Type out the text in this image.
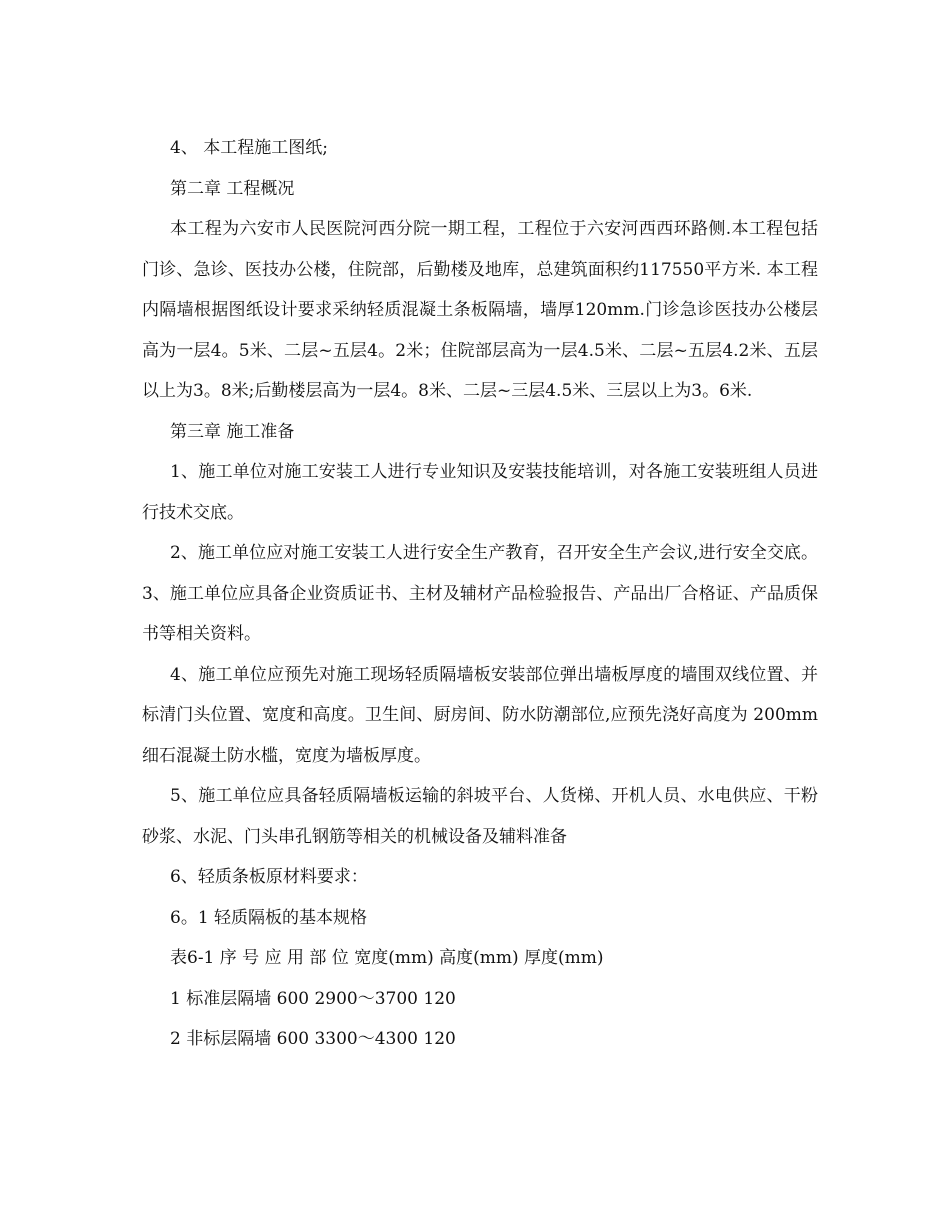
4、 本工程施工图纸;

第二章 工程概况

本工程为六安市人民医院河西分院一期工程，工程位于六安河西西环路侧.本工程包括门诊、急诊、医技办公楼，住院部，后勤楼及地库，总建筑面积约117550平方米. 本工程内隔墙根据图纸设计要求采纳轻质混凝土条板隔墙，墙厚120mm.门诊急诊医技办公楼层高为一层4。5米、二层~五层4。2米；住院部层高为一层4.5米、二层~五层4.2米、五层以上为3。8米;后勤楼层高为一层4。8米、二层~三层4.5米、三层以上为3。6米.

第三章 施工准备

1、施工单位对施工安装工人进行专业知识及安装技能培训，对各施工安装班组人员进行技术交底。

2、施工单位应对施工安装工人进行安全生产教育，召开安全生产会议,进行安全交底。 3、施工单位应具备企业资质证书、主材及辅材产品检验报告、产品出厂合格证、产品质保书等相关资料。

4、施工单位应预先对施工现场轻质隔墙板安装部位弹出墙板厚度的墙围双线位置、并标清门头位置、宽度和高度。卫生间、厨房间、防水防潮部位,应预先浇好高度为 200mm细石混凝土防水槛，宽度为墙板厚度。

5、施工单位应具备轻质隔墙板运输的斜坡平台、人货梯、开机人员、水电供应、干粉砂浆、水泥、门头串孔钢筋等相关的机械设备及辅料准备

6、轻质条板原材料要求：

6。1 轻质隔板的基本规格

表6-1 序 号 应 用 部 位 宽度(mm) 高度(mm) 厚度(mm)

1 标准层隔墙 600 2900～3700 120

2 非标层隔墙 600 3300～4300 120
